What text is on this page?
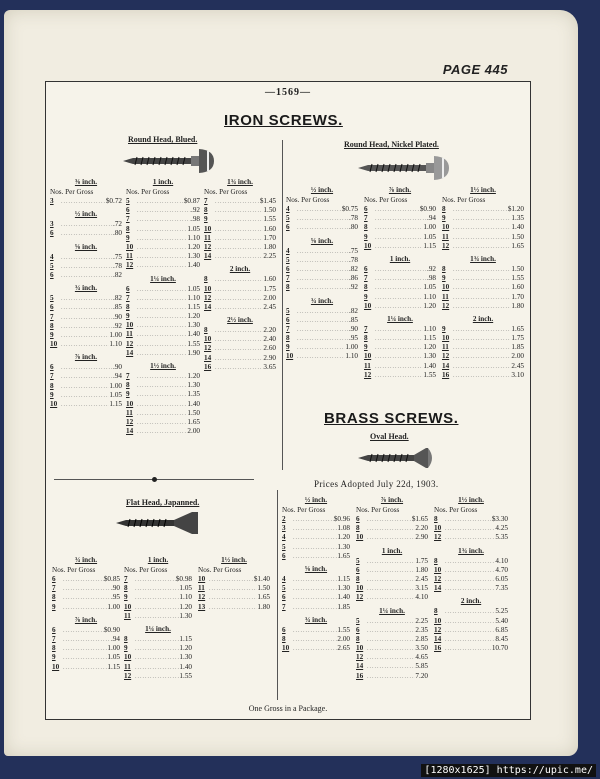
PAGE 445
—1569—
IRON SCREWS.
Round Head, Blued.
Round Head, Nickel Plated.
⅜ inch.
Nos. Per Gross
3 .....	$0.72
½ inch.
3 .....	.72
6 .....	.80
⅝ inch.
4 .....	.75
5 .....	.78
6 .....	.82
¾ inch.
5 .....	.82
6 .....	.85
7 .....	.90
8 .....	.92
9 .....	1.00
10 .....	1.10
⅞ inch.
6 .....	.90
7 .....	.94
8 .....	1.00
9 .....	1.05
10 .....	1.15
1 inch.
Nos. Per Gross
5 .....	$0.87
6 .....	.92
7 .....	.98
8 .....	1.05
9 .....	1.10
10 .....	1.20
11 .....	1.30
12 .....	1.40
1¼ inch.
6 .....	1.05
7 .....	1.10
8 .....	1.15
9 .....	1.20
10 .....	1.30
11 .....	1.40
12 .....	1.55
14 .....	1.90
1½ inch.
7 .....	1.20
8 .....	1.30
9 .....	1.35
10 .....	1.40
11 .....	1.50
12 .....	1.65
14 .....	2.00
1¾ inch.
Nos. Per Gross
7 .....	$1.45
8 .....	1.50
9 .....	1.55
10 .....	1.60
11 .....	1.70
12 .....	1.80
14 .....	2.25
2 inch.
8 .....	1.60
10 .....	1.75
12 .....	2.00
14 .....	2.45
2½ inch.
8 .....	2.20
10 .....	2.40
12 .....	2.60
14 .....	2.90
16 .....	3.65
½ inch.
Nos. Per Gross
4 .....	$0.75
5 .....	.78
6 .....	.80
⅝ inch.
4 .....	.75
5 .....	.78
6 .....	.82
7 .....	.86
8 .....	.92
¾ inch.
5 .....	.82
6 .....	.85
7 .....	.90
8 .....	.95
9 .....	1.00
10 .....	1.10
⅞ inch.
Nos. Per Gross
6 .....	$0.90
7 .....	.94
8 .....	1.00
9 .....	1.05
10 .....	1.15
1 inch.
6 .....	.92
7 .....	.98
8 .....	1.05
9 .....	1.10
10 .....	1.20
1¼ inch.
7 .....	1.10
8 .....	1.15
9 .....	1.20
10 .....	1.30
11 .....	1.40
12 .....	1.55
1½ inch.
Nos. Per Gross
8 .....	$1.20
9 .....	1.35
10 .....	1.40
11 .....	1.50
12 .....	1.65
1¾ inch.
8 .....	1.50
9 .....	1.55
10 .....	1.60
11 .....	1.70
12 .....	1.80
2 inch.
9 .....	1.65
10 .....	1.75
11 .....	1.85
12 .....	2.00
14 .....	2.45
16 .....	3.10
BRASS SCREWS.
Oval Head.
Prices Adopted July 22d, 1903.
Flat Head, Japanned.
¾ inch.
Nos. Per Gross
6 .....	$0.85
7 .....	.90
8 .....	.95
9 .....	1.00
⅞ inch.
6 .....	$0.90
7 .....	.94
8 .....	1.00
9 .....	1.05
10 .....	1.15
1 inch.
Nos. Per Gross
7 .....	$0.98
8 .....	1.05
9 .....	1.10
10 .....	1.20
11 .....	1.30
1¼ inch.
8 .....	1.15
9 .....	1.20
10 .....	1.30
11 .....	1.40
12 .....	1.55
1½ inch.
Nos. Per Gross
10 .....	$1.40
11 .....	1.50
12 .....	1.65
13 .....	1.80
½ inch.
Nos. Per Gross
2 .....	$0.96
3 .....	1.08
4 .....	1.20
5 .....	1.30
6 .....	1.65
⅝ inch.
4 .....	1.15
5 .....	1.30
6 .....	1.40
7 .....	1.85
¾ inch.
6 .....	1.55
8 .....	2.00
10 .....	2.65
⅞ inch.
Nos. Per Gross
6 .....	$1.65
8 .....	2.20
10 .....	2.90
1 inch.
5 .....	1.75
6 .....	1.80
8 .....	2.45
10 .....	3.15
12 .....	4.10
1¼ inch.
5 .....	2.25
6 .....	2.35
8 .....	2.85
10 .....	3.50
12 .....	4.65
14 .....	5.85
16 .....	7.20
1½ inch.
Nos. Per Gross
8 .....	$3.30
10 .....	4.25
12 .....	5.35
1¾ inch.
8 .....	4.10
10 .....	4.70
12 .....	6.05
14 .....	7.35
2 inch.
8 .....	5.25
10 .....	5.40
12 .....	6.85
14 .....	8.45
16 .....	10.70
One Gross in a Package.
[1280x1625] https://upic.me/
